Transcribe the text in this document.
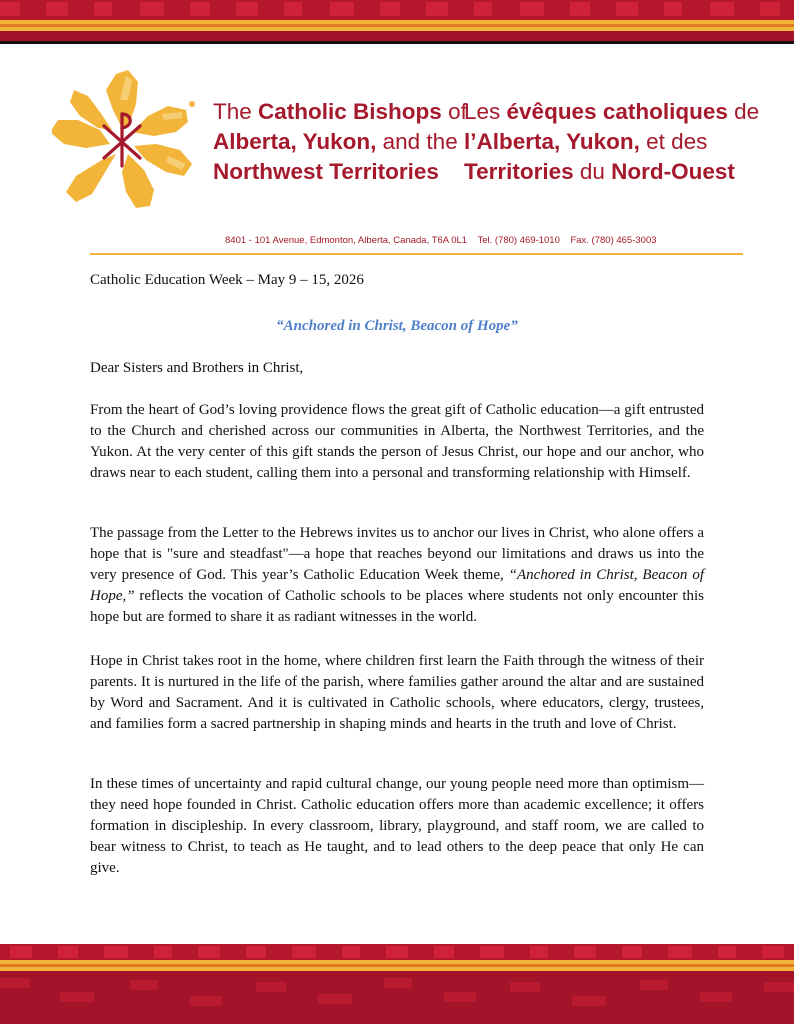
The Catholic Bishops of
Alberta, Yukon, and the
Northwest Territories
Les évêques catholiques de
l’Alberta, Yukon, et des
Territories du Nord-Ouest
8401 - 101 Avenue, Edmonton, Alberta, Canada, T6A 0L1 Tel. (780) 469-1010 Fax. (780) 465-3003
Catholic Education Week – May 9 – 15, 2026
“Anchored in Christ, Beacon of Hope”
Dear Sisters and Brothers in Christ,
From the heart of God’s loving providence flows the great gift of Catholic education—a gift entrusted to the Church and cherished across our communities in Alberta, the Northwest Territories, and the Yukon. At the very center of this gift stands the person of Jesus Christ, our hope and our anchor, who draws near to each student, calling them into a personal and transforming relationship with Himself.
The passage from the Letter to the Hebrews invites us to anchor our lives in Christ, who alone offers a hope that is "sure and steadfast"—a hope that reaches beyond our limitations and draws us into the very presence of God. This year’s Catholic Education Week theme, “Anchored in Christ, Beacon of Hope,” reflects the vocation of Catholic schools to be places where students not only encounter this hope but are formed to share it as radiant witnesses in the world.
Hope in Christ takes root in the home, where children first learn the Faith through the witness of their parents. It is nurtured in the life of the parish, where families gather around the altar and are sustained by Word and Sacrament. And it is cultivated in Catholic schools, where educators, clergy, trustees, and families form a sacred partnership in shaping minds and hearts in the truth and love of Christ.
In these times of uncertainty and rapid cultural change, our young people need more than optimism—they need hope founded in Christ. Catholic education offers more than academic excellence; it offers formation in discipleship. In every classroom, library, playground, and staff room, we are called to bear witness to Christ, to teach as He taught, and to lead others to the deep peace that only He can give.
